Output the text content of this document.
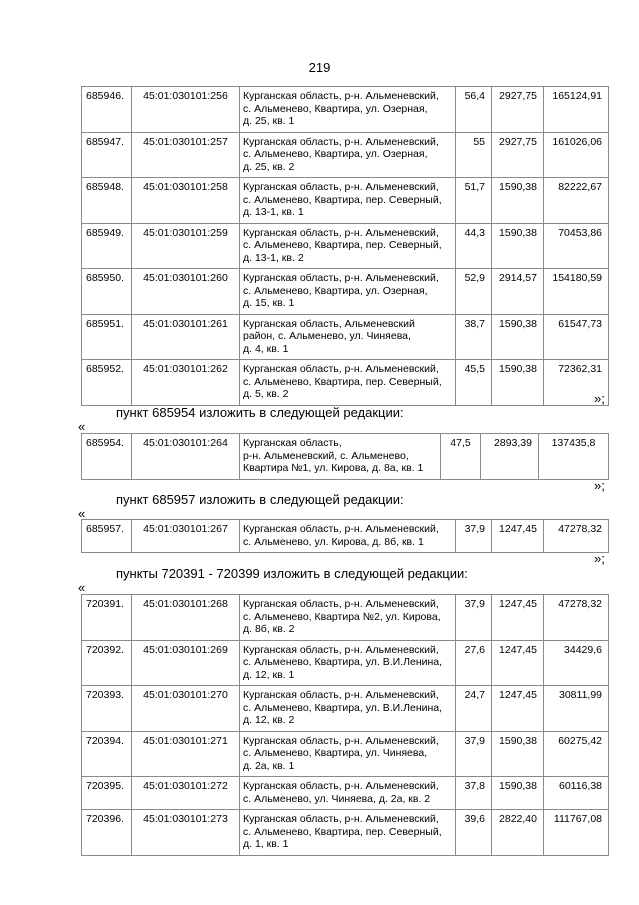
219
685946.	45:01:030101:256	Курганская область, р-н. Альменевский,
с. Альменево, Квартира, ул. Озерная,
д. 25, кв. 1	56,4	2927,75	165124,91
685947.	45:01:030101:257	Курганская область, р-н. Альменевский,
с. Альменево, Квартира, ул. Озерная,
д. 25, кв. 2	55	2927,75	161026,06
685948.	45:01:030101:258	Курганская область, р-н. Альменевский,
с. Альменево, Квартира, пер. Северный,
д. 13-1, кв. 1	51,7	1590,38	82222,67
685949.	45:01:030101:259	Курганская область, р-н. Альменевский,
с. Альменево, Квартира, пер. Северный,
д. 13-1, кв. 2	44,3	1590,38	70453,86
685950.	45:01:030101:260	Курганская область, р-н. Альменевский,
с. Альменево, Квартира, ул. Озерная,
д. 15, кв. 1	52,9	2914,57	154180,59
685951.	45:01:030101:261	Курганская область, Альменевский
район, с. Альменево, ул. Чиняева,
д. 4, кв. 1	38,7	1590,38	61547,73
685952.	45:01:030101:262	Курганская область, р-н. Альменевский,
с. Альменево, Квартира, пер. Северный,
д. 5, кв. 2	45,5	1590,38	72362,31
»;
пункт 685954 изложить в следующей редакции:
«
685954.	45:01:030101:264	Курганская область,
р-н. Альменевский, с. Альменево,
Квартира №1, ул. Кирова, д. 8а, кв. 1
	47,5	2893,39	137435,8
»;
пункт 685957 изложить в следующей редакции:
«
685957.	45:01:030101:267	Курганская область, р-н. Альменевский,
с. Альменево, ул. Кирова, д. 8б, кв. 1
	37,9	1247,45	47278,32
»;
пункты 720391 - 720399 изложить в следующей редакции:
«
720391.	45:01:030101:268	Курганская область, р-н. Альменевский,
с. Альменево, Квартира №2, ул. Кирова,
д. 8б, кв. 2	37,9	1247,45	47278,32
720392.	45:01:030101:269	Курганская область, р-н. Альменевский,
с. Альменево, Квартира, ул. В.И.Ленина,
д. 12, кв. 1	27,6	1247,45	34429,6
720393.	45:01:030101:270	Курганская область, р-н. Альменевский,
с. Альменево, Квартира, ул. В.И.Ленина,
д. 12, кв. 2	24,7	1247,45	30811,99
720394.	45:01:030101:271	Курганская область, р-н. Альменевский,
с. Альменево, Квартира, ул. Чиняева,
д. 2а, кв. 1	37,9	1590,38	60275,42
720395.	45:01:030101:272	Курганская область, р-н. Альменевский,
с. Альменево, ул. Чиняева, д. 2а, кв. 2	37,8	1590,38	60116,38
720396.	45:01:030101:273	Курганская область, р-н. Альменевский,
с. Альменево, Квартира, пер. Северный,
д. 1, кв. 1	39,6	2822,40	111767,08
